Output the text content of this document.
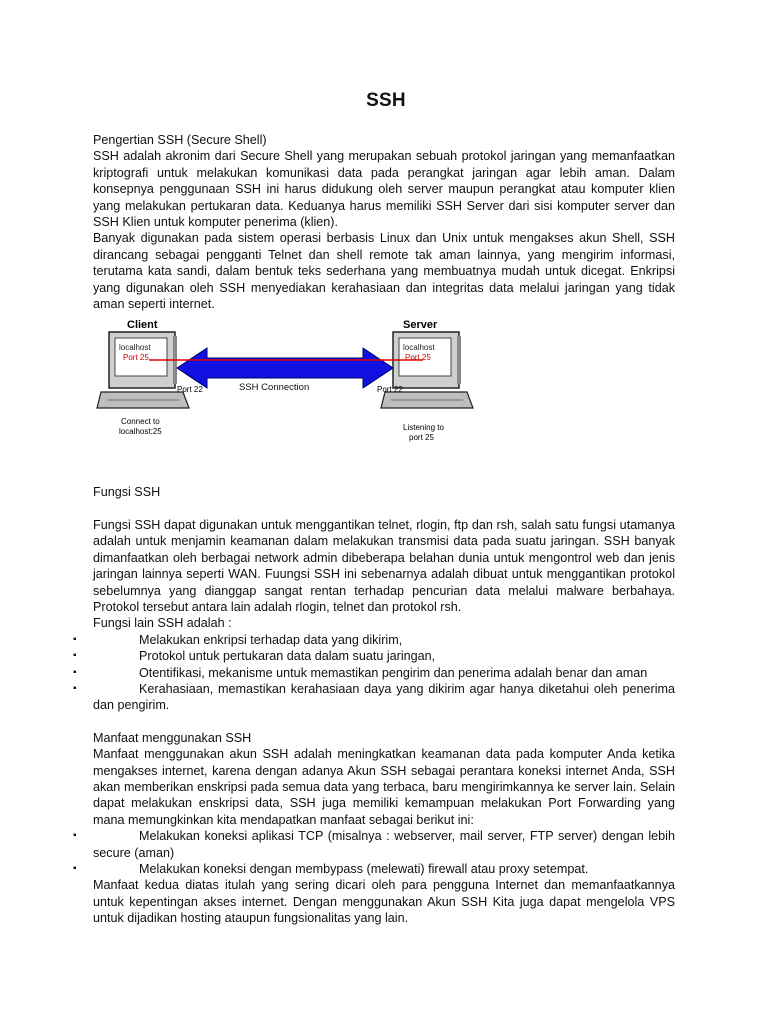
SSH
Pengertian SSH (Secure Shell)

SSH adalah akronim dari Secure Shell yang merupakan sebuah protokol jaringan yang memanfaatkan kriptografi untuk melakukan komunikasi data pada perangkat jaringan agar lebih aman. Dalam konsepnya penggunaan SSH ini harus didukung oleh server maupun perangkat atau komputer klien yang melakukan pertukaran data. Keduanya harus memiliki SSH Server dari sisi komputer server dan SSH Klien untuk komputer penerima (klien).

Banyak digunakan pada sistem operasi berbasis Linux dan Unix untuk mengakses akun Shell, SSH dirancang sebagai pengganti Telnet dan shell remote tak aman lainnya, yang mengirim informasi, terutama kata sandi, dalam bentuk teks sederhana yang membuatnya mudah untuk dicegat. Enkripsi yang digunakan oleh SSH menyediakan kerahasiaan dan integritas data melalui jaringan yang tidak aman seperti internet.

Client	Server
localhost
Port 25
localhost
Port 25
Port 22	Port 22
SSH Connection
Connect to
localhost:25	Listening to
port 25
Fungsi SSH

Fungsi SSH dapat digunakan untuk menggantikan telnet, rlogin, ftp dan rsh, salah satu fungsi utamanya adalah untuk menjamin keamanan dalam melakukan transmisi data pada suatu jaringan. SSH banyak dimanfaatkan oleh berbagai network admin dibeberapa belahan dunia untuk mengontrol web dan jenis jaringan lainnya seperti WAN. Fuungsi SSH ini sebenarnya adalah dibuat untuk menggantikan protokol sebelumnya yang dianggap sangat rentan terhadap pencurian data melalui malware berbahaya. Protokol tersebut antara lain adalah rlogin, telnet dan protokol rsh.

Fungsi lain SSH adalah :

▪	Melakukan enkripsi terhadap data yang dikirim,
▪	Protokol untuk pertukaran data dalam suatu jaringan,
▪	Otentifikasi, mekanisme untuk memastikan pengirim dan penerima adalah benar dan aman
▪	Kerahasiaan, memastikan kerahasiaan daya yang dikirim agar hanya diketahui oleh penerima dan pengirim.
Manfaat menggunakan SSH

Manfaat menggunakan akun SSH adalah meningkatkan keamanan data pada komputer Anda ketika mengakses internet, karena dengan adanya Akun SSH sebagai perantara koneksi internet Anda, SSH akan memberikan enskripsi pada semua data yang terbaca, baru mengirimkannya ke server lain. Selain dapat melakukan enskripsi data, SSH juga memiliki kemampuan melakukan Port Forwarding yang mana memungkinkan kita mendapatkan manfaat sebagai berikut ini:

▪	Melakukan koneksi aplikasi TCP (misalnya : webserver, mail server, FTP server) dengan lebih secure (aman)
▪	Melakukan koneksi dengan membypass (melewati) firewall atau proxy setempat.

Manfaat kedua diatas itulah yang sering dicari oleh para pengguna Internet dan memanfaatkannya untuk kepentingan akses internet. Dengan menggunakan Akun SSH Kita juga dapat mengelola VPS untuk dijadikan hosting ataupun fungsionalitas yang lain.
